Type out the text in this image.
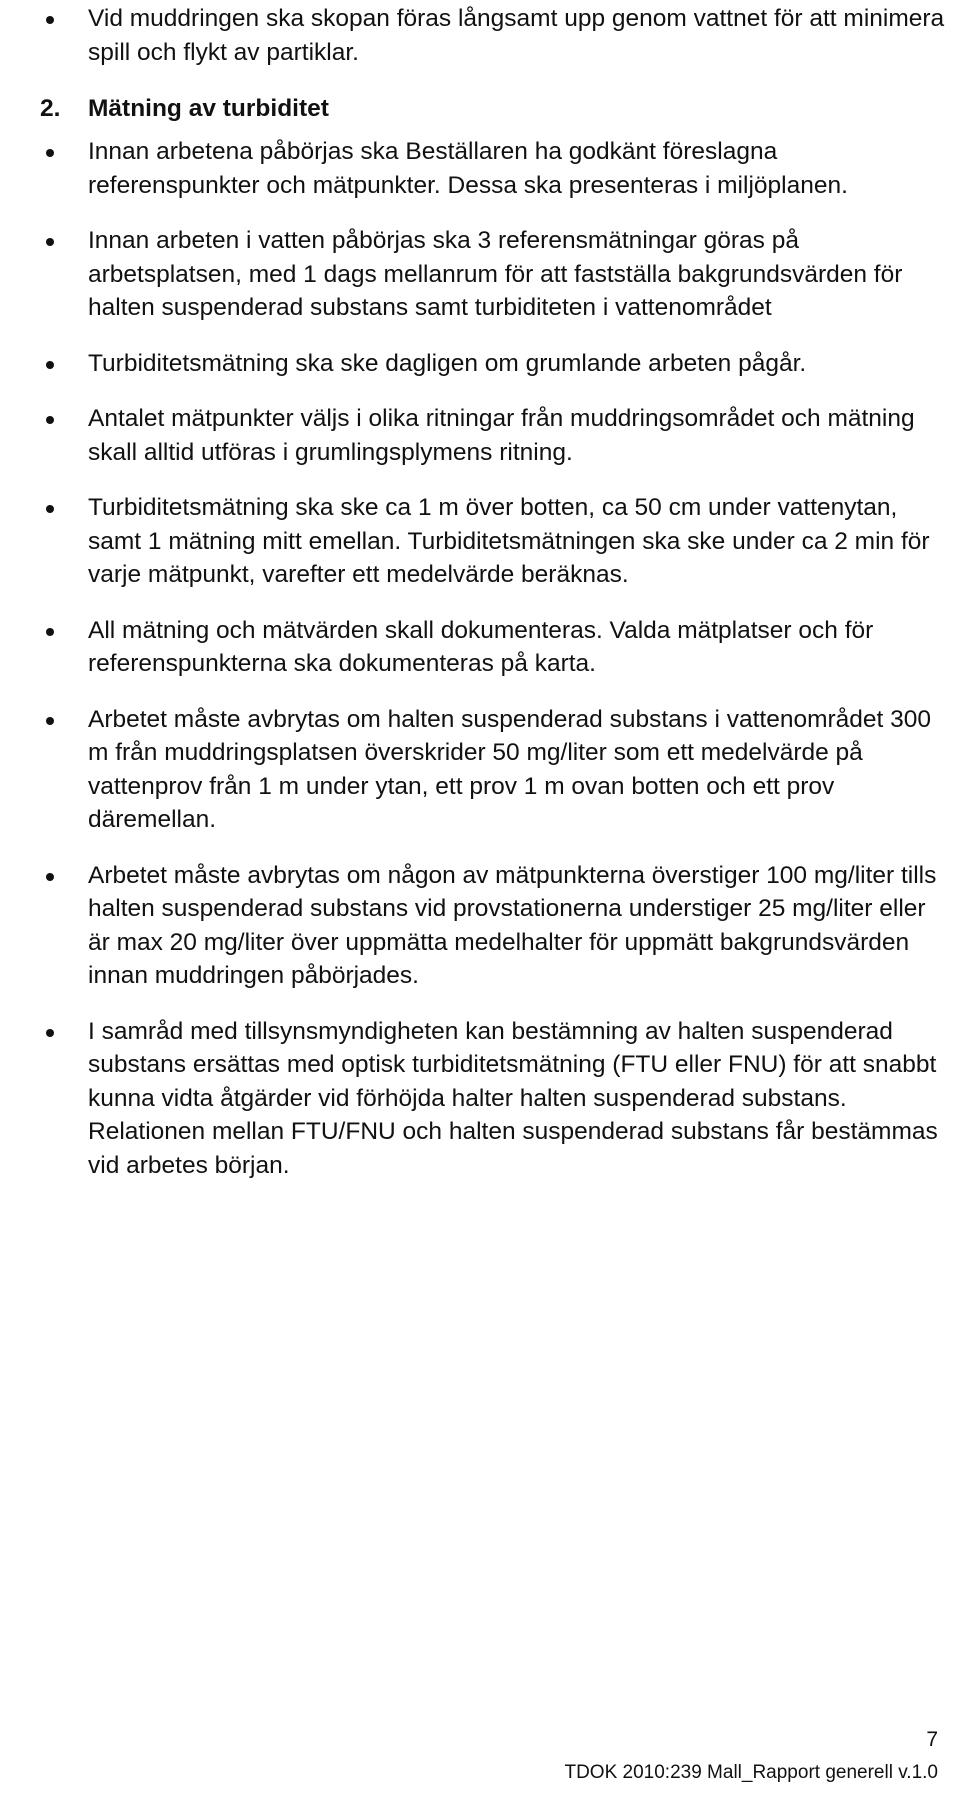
Vid muddringen ska skopan föras långsamt upp genom vattnet för att minimera spill och flykt av partiklar.
2. Mätning av turbiditet
Innan arbetena påbörjas ska Beställaren ha godkänt föreslagna referenspunkter och mätpunkter. Dessa ska presenteras i miljöplanen.
Innan arbeten i vatten påbörjas ska 3 referensmätningar göras på arbetsplatsen, med 1 dags mellanrum för att fastställa bakgrundsvärden för halten suspenderad substans samt turbiditeten i vattenområdet
Turbiditetsmätning ska ske dagligen om grumlande arbeten pågår.
Antalet mätpunkter väljs i olika ritningar från muddringsområdet och mätning skall alltid utföras i grumlingsplymens ritning.
Turbiditetsmätning ska ske ca 1 m över botten, ca 50 cm under vattenytan, samt 1 mätning mitt emellan. Turbiditetsmätningen ska ske under ca 2 min för varje mätpunkt, varefter ett medelvärde beräknas.
All mätning och mätvärden skall dokumenteras. Valda mätplatser och för referenspunkterna ska dokumenteras på karta.
Arbetet måste avbrytas om halten suspenderad substans i vattenområdet 300 m från muddringsplatsen överskrider 50 mg/liter som ett medelvärde på vattenprov från 1 m under ytan, ett prov 1 m ovan botten och ett prov däremellan.
Arbetet måste avbrytas om någon av mätpunkterna överstiger 100 mg/liter tills halten suspenderad substans vid provstationerna understiger 25 mg/liter eller är max 20 mg/liter över uppmätta medelhalter för uppmätt bakgrundsvärden innan muddringen påbörjades.
I samråd med tillsynsmyndigheten kan bestämning av halten suspenderad substans ersättas med optisk turbiditetsmätning (FTU eller FNU) för att snabbt kunna vidta åtgärder vid förhöjda halter halten suspenderad substans. Relationen mellan FTU/FNU och halten suspenderad substans får bestämmas vid arbetes början.
7
TDOK 2010:239 Mall_Rapport generell v.1.0
